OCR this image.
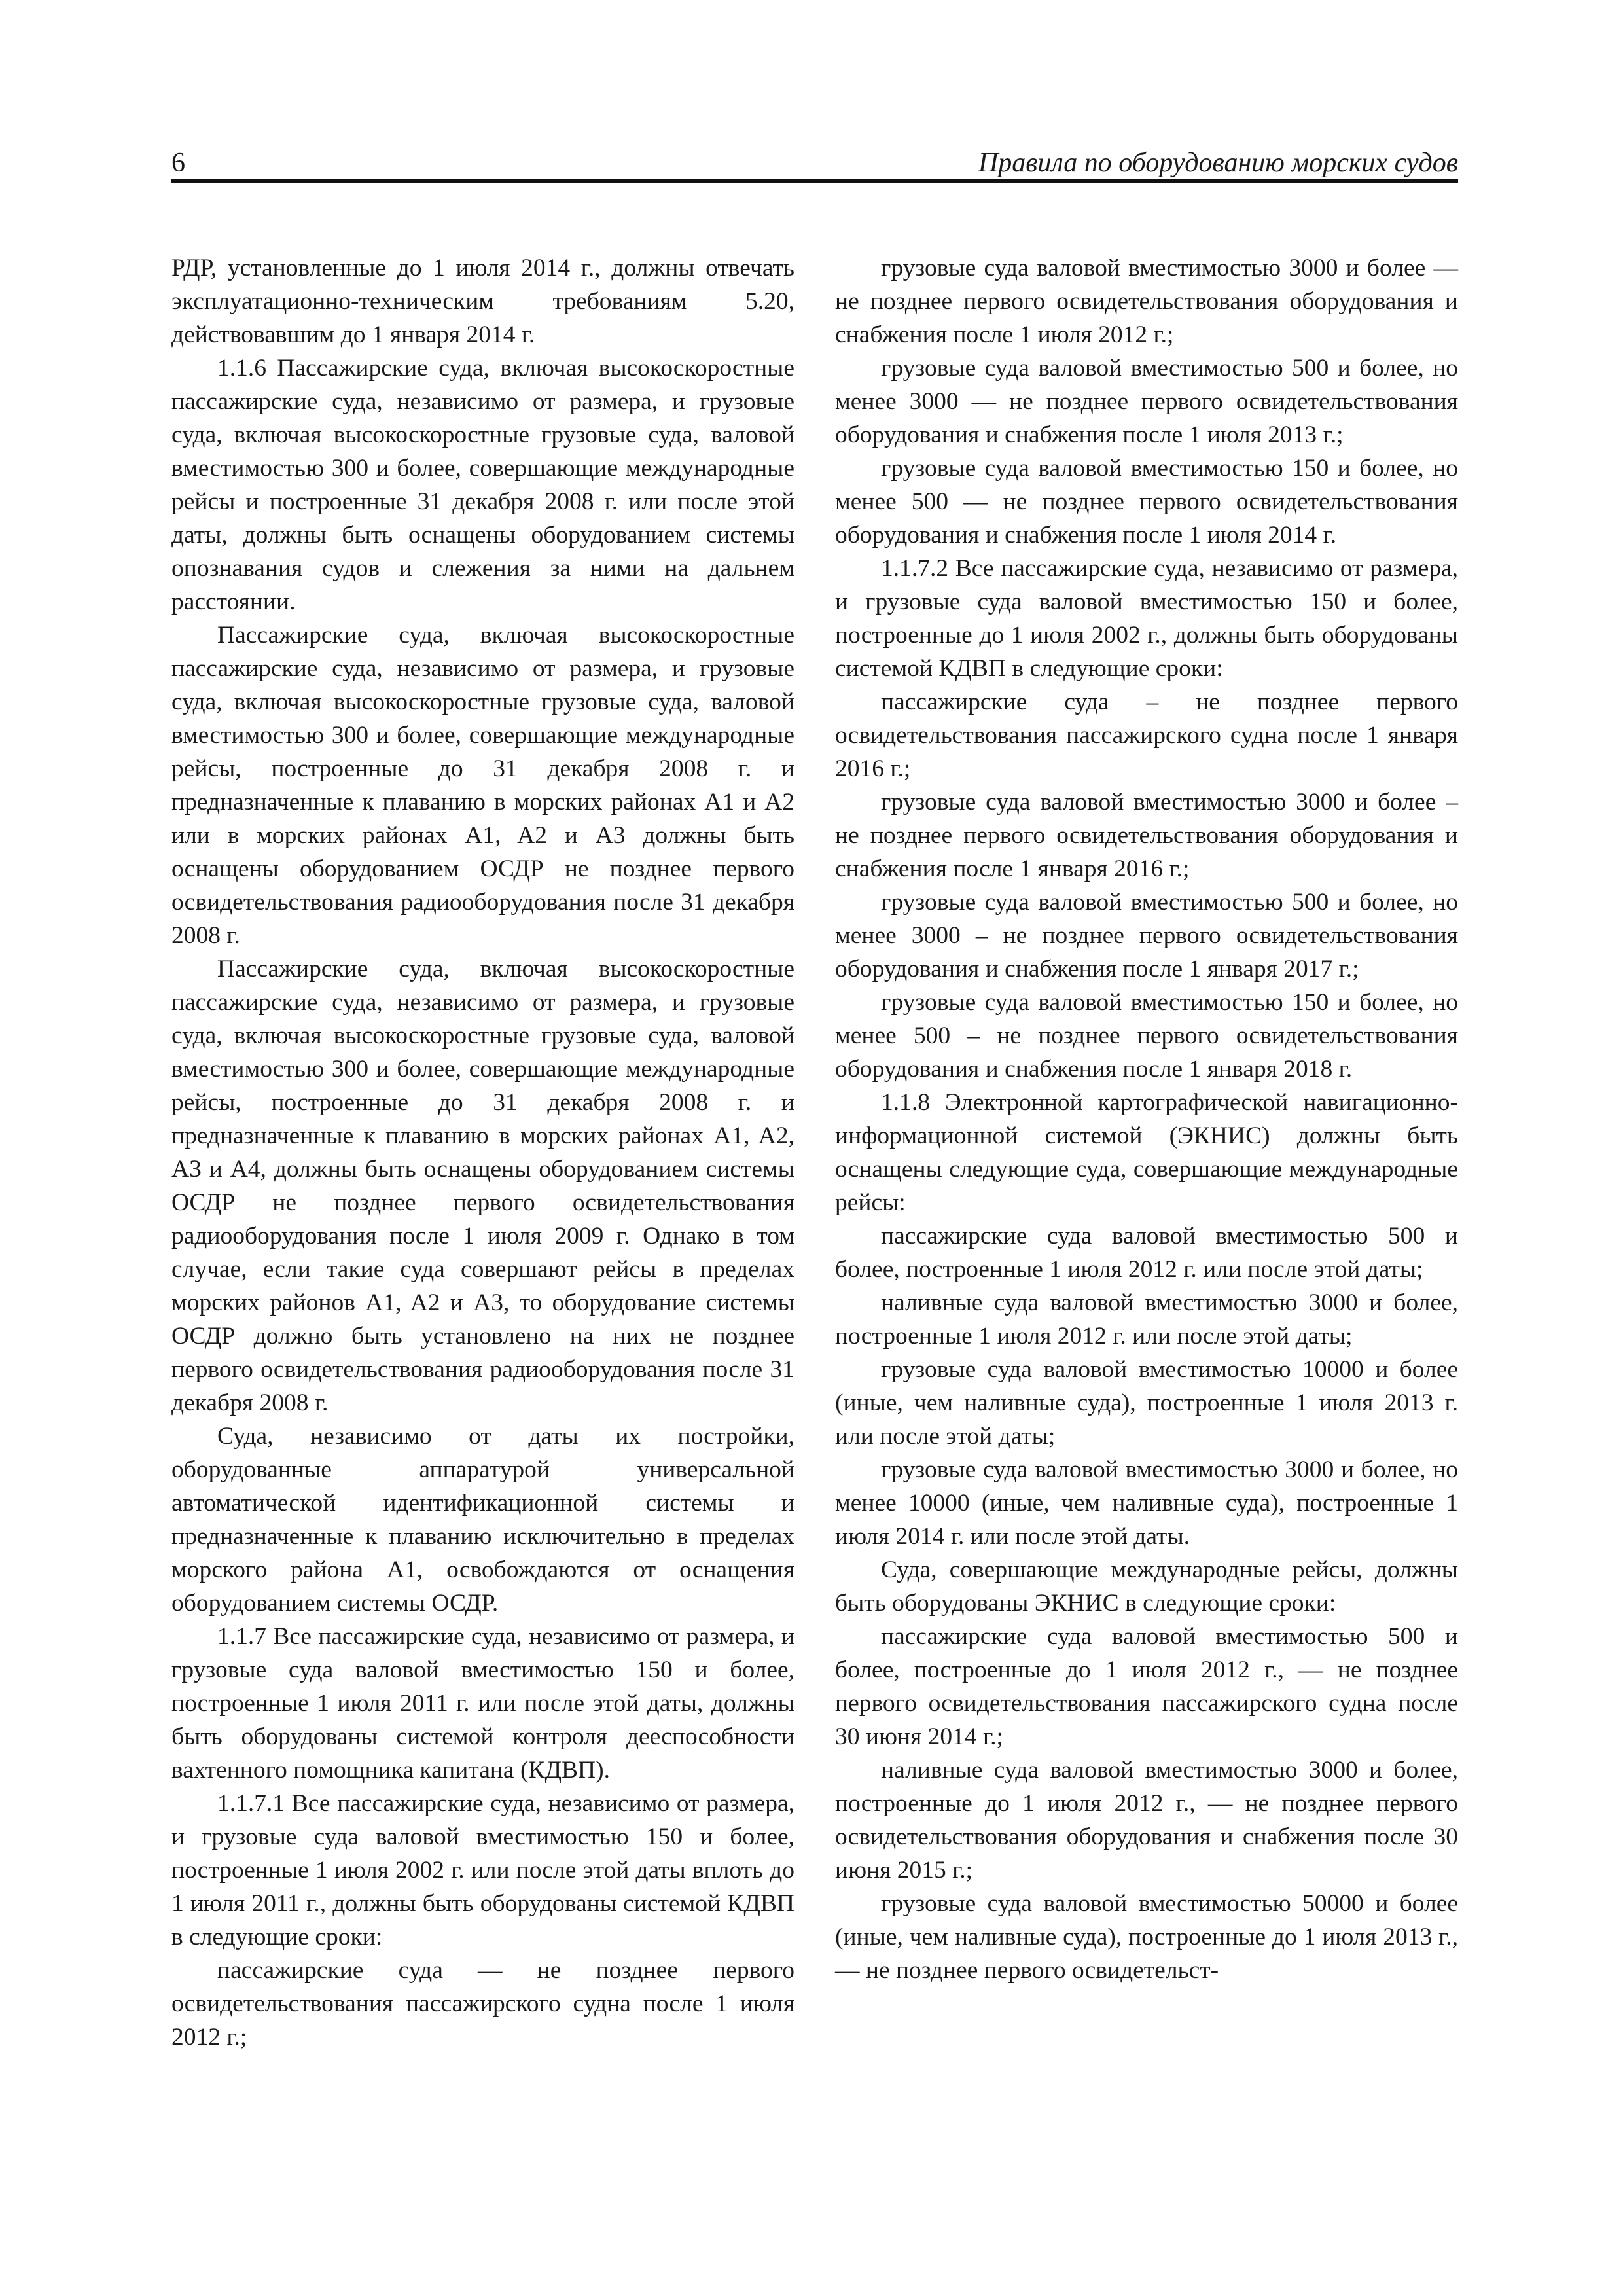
6	Правила по оборудованию морских судов

РДР, установленные до 1 июля 2014 г., должны отвечать эксплуатационно-техническим требованиям 5.20, действовавшим до 1 января 2014 г.

1.1.6 Пассажирские суда, включая высокоскоростные пассажирские суда, независимо от размера, и грузовые суда, включая высокоскоростные грузовые суда, валовой вместимостью 300 и более, совершающие международные рейсы и построенные 31 декабря 2008 г. или после этой даты, должны быть оснащены оборудованием системы опознавания судов и слежения за ними на дальнем расстоянии.

Пассажирские суда, включая высокоскоростные пассажирские суда, независимо от размера, и грузовые суда, включая высокоскоростные грузовые суда, валовой вместимостью 300 и более, совершающие международные рейсы, построенные до 31 декабря 2008 г. и предназначенные к плаванию в морских районах A1 и A2 или в морских районах A1, A2 и A3 должны быть оснащены оборудованием ОСДР не позднее первого освидетельствования радиооборудования после 31 декабря 2008 г.

Пассажирские суда, включая высокоскоростные пассажирские суда, независимо от размера, и грузовые суда, включая высокоскоростные грузовые суда, валовой вместимостью 300 и более, совершающие международные рейсы, построенные до 31 декабря 2008 г. и предназначенные к плаванию в морских районах A1, A2, A3 и A4, должны быть оснащены оборудованием системы ОСДР не позднее первого освидетельствования радиооборудования после 1 июля 2009 г. Однако в том случае, если такие суда совершают рейсы в пределах морских районов A1, A2 и A3, то оборудование системы ОСДР должно быть установлено на них не позднее первого освидетельствования радиооборудования после 31 декабря 2008 г.

Суда, независимо от даты их постройки, оборудованные аппаратурой универсальной автоматической идентификационной системы и предназначенные к плаванию исключительно в пределах морского района A1, освобождаются от оснащения оборудованием системы ОСДР.

1.1.7 Все пассажирские суда, независимо от размера, и грузовые суда валовой вместимостью 150 и более, построенные 1 июля 2011 г. или после этой даты, должны быть оборудованы системой контроля дееспособности вахтенного помощника капитана (КДВП).

1.1.7.1 Все пассажирские суда, независимо от размера, и грузовые суда валовой вместимостью 150 и более, построенные 1 июля 2002 г. или после этой даты вплоть до 1 июля 2011 г., должны быть оборудованы системой КДВП в следующие сроки:

пассажирские суда — не позднее первого освидетельствования пассажирского судна после 1 июля 2012 г.;

грузовые суда валовой вместимостью 3000 и более — не позднее первого освидетельствования оборудования и снабжения после 1 июля 2012 г.;

грузовые суда валовой вместимостью 500 и более, но менее 3000 — не позднее первого освидетельствования оборудования и снабжения после 1 июля 2013 г.;

грузовые суда валовой вместимостью 150 и более, но менее 500 — не позднее первого освидетельствования оборудования и снабжения после 1 июля 2014 г.

1.1.7.2 Все пассажирские суда, независимо от размера, и грузовые суда валовой вместимостью 150 и более, построенные до 1 июля 2002 г., должны быть оборудованы системой КДВП в следующие сроки:

пассажирские суда – не позднее первого освидетельствования пассажирского судна после 1 января 2016 г.;

грузовые суда валовой вместимостью 3000 и более – не позднее первого освидетельствования оборудования и снабжения после 1 января 2016 г.;

грузовые суда валовой вместимостью 500 и более, но менее 3000 – не позднее первого освидетельствования оборудования и снабжения после 1 января 2017 г.;

грузовые суда валовой вместимостью 150 и более, но менее 500 – не позднее первого освидетельствования оборудования и снабжения после 1 января 2018 г.

1.1.8 Электронной картографической навигационно-информационной системой (ЭКНИС) должны быть оснащены следующие суда, совершающие международные рейсы:

пассажирские суда валовой вместимостью 500 и более, построенные 1 июля 2012 г. или после этой даты;

наливные суда валовой вместимостью 3000 и более, построенные 1 июля 2012 г. или после этой даты;

грузовые суда валовой вместимостью 10000 и более (иные, чем наливные суда), построенные 1 июля 2013 г. или после этой даты;

грузовые суда валовой вместимостью 3000 и более, но менее 10000 (иные, чем наливные суда), построенные 1 июля 2014 г. или после этой даты.

Суда, совершающие международные рейсы, должны быть оборудованы ЭКНИС в следующие сроки:

пассажирские суда валовой вместимостью 500 и более, построенные до 1 июля 2012 г., — не позднее первого освидетельствования пассажирского судна после 30 июня 2014 г.;

наливные суда валовой вместимостью 3000 и более, построенные до 1 июля 2012 г., — не позднее первого освидетельствования оборудования и снабжения после 30 июня 2015 г.;

грузовые суда валовой вместимостью 50000 и более (иные, чем наливные суда), построенные до 1 июля 2013 г., — не позднее первого освидетельст-
